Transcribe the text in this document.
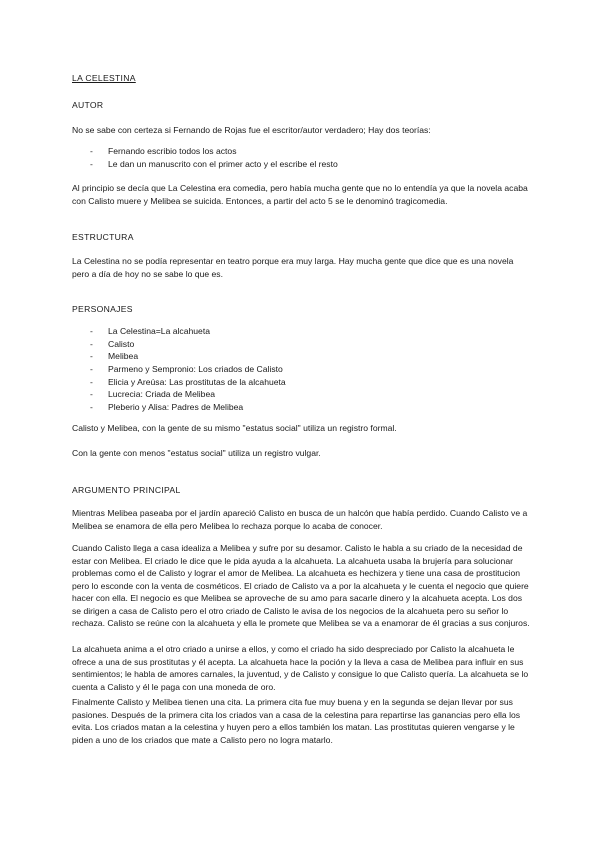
LA CELESTINA
AUTOR

No se sabe con certeza si Fernando de Rojas fue el escritor/autor verdadero; Hay dos teorías:

- Fernando escribio todos los actos
- Le dan un manuscrito con el primer acto y el escribe el resto

Al principio se decía que La Celestina era comedia, pero había mucha gente que no lo entendía ya que la novela acaba con Calisto muere y Melibea se suicida. Entonces, a partir del acto 5 se le denominó tragicomedia.

ESTRUCTURA

La Celestina no se podía representar en teatro porque era muy larga. Hay mucha gente que dice que es una novela pero a día de hoy no se sabe lo que es.

PERSONAJES
- La Celestina=La alcahueta
- Calisto
- Melibea
- Parmeno y Sempronio: Los criados de Calisto
- Elicia y Areúsa: Las prostitutas de la alcahueta
- Lucrecia: Criada de Melibea
- Pleberio y Alisa: Padres de Melibea

Calisto y Melibea, con la gente de su mismo "estatus social" utiliza un registro formal.

Con la gente con menos "estatus social" utiliza un registro vulgar.

ARGUMENTO PRINCIPAL

Mientras Melibea paseaba por el jardín apareció Calisto en busca de un halcón que había perdido. Cuando Calisto ve a Melibea se enamora de ella pero Melibea lo rechaza porque lo acaba de conocer.

Cuando Calisto llega a casa idealiza a Melibea y sufre por su desamor. Calisto le habla a su criado de la necesidad de estar con Melibea. El criado le dice que le pida ayuda a la alcahueta. La alcahueta usaba la brujería para solucionar problemas como el de Calisto y lograr el amor de Melibea. La alcahueta es hechizera y tiene una casa de prostitucion pero lo esconde con la venta de cosméticos. El criado de Calisto va a por la alcahueta y le cuenta el negocio que quiere hacer con ella. El negocio es que Melibea se aproveche de su amo para sacarle dinero y la alcahueta acepta. Los dos se dirigen a casa de Calisto pero el otro criado de Calisto le avisa de los negocios de la alcahueta pero su señor lo rechaza. Calisto se reúne con la alcahueta y ella le promete que Melibea se va a enamorar de él gracias a sus conjuros.

La alcahueta anima a el otro criado a unirse a ellos, y como el criado ha sido despreciado por Calisto la alcahueta le ofrece a una de sus prostitutas y él acepta. La alcahueta hace la poción y la lleva a casa de Melibea para influir en sus sentimientos; le habla de amores carnales, la juventud, y de Calisto y consigue lo que Calisto quería. La alcahueta se lo cuenta a Calisto y él le paga con una moneda de oro.

Finalmente Calisto y Melibea tienen una cita. La primera cita fue muy buena y en la segunda se dejan llevar por sus pasiones. Después de la primera cita los criados van a casa de la celestina para repartirse las ganancias pero ella los evita. Los criados matan a la celestina y huyen pero a ellos también los matan. Las prostitutas quieren vengarse y le piden a uno de los criados que mate a Calisto pero no logra matarlo.
